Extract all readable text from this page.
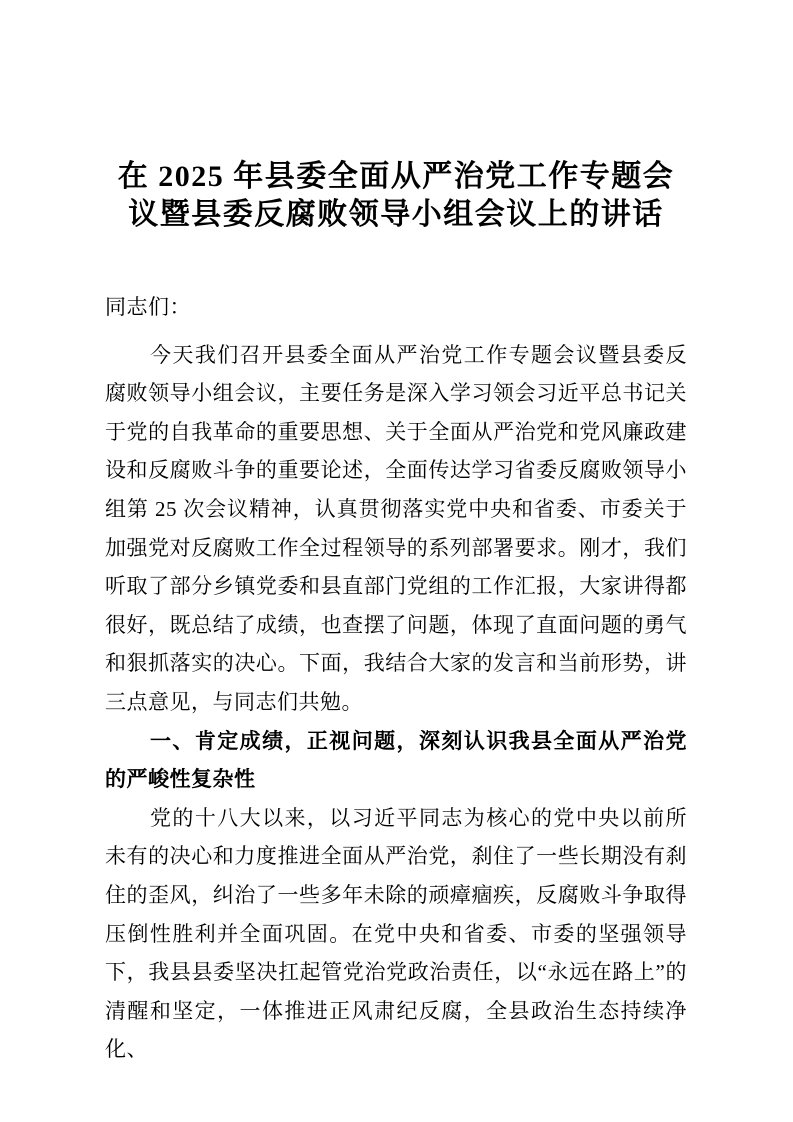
在 2025 年县委全面从严治党工作专题会议暨县委反腐败领导小组会议上的讲话

同志们：

今天我们召开县委全面从严治党工作专题会议暨县委反腐败领导小组会议，主要任务是深入学习领会习近平总书记关于党的自我革命的重要思想、关于全面从严治党和党风廉政建设和反腐败斗争的重要论述，全面传达学习省委反腐败领导小组第 25 次会议精神，认真贯彻落实党中央和省委、市委关于加强党对反腐败工作全过程领导的系列部署要求。刚才，我们听取了部分乡镇党委和县直部门党组的工作汇报，大家讲得都很好，既总结了成绩，也查摆了问题，体现了直面问题的勇气和狠抓落实的决心。下面，我结合大家的发言和当前形势，讲三点意见，与同志们共勉。

一、肯定成绩，正视问题，深刻认识我县全面从严治党的严峻性复杂性

党的十八大以来，以习近平同志为核心的党中央以前所未有的决心和力度推进全面从严治党，刹住了一些长期没有刹住的歪风，纠治了一些多年未除的顽瘴痼疾，反腐败斗争取得压倒性胜利并全面巩固。在党中央和省委、市委的坚强领导下，我县县委坚决扛起管党治党政治责任，以“永远在路上”的清醒和坚定，一体推进正风肃纪反腐，全县政治生态持续净化、
